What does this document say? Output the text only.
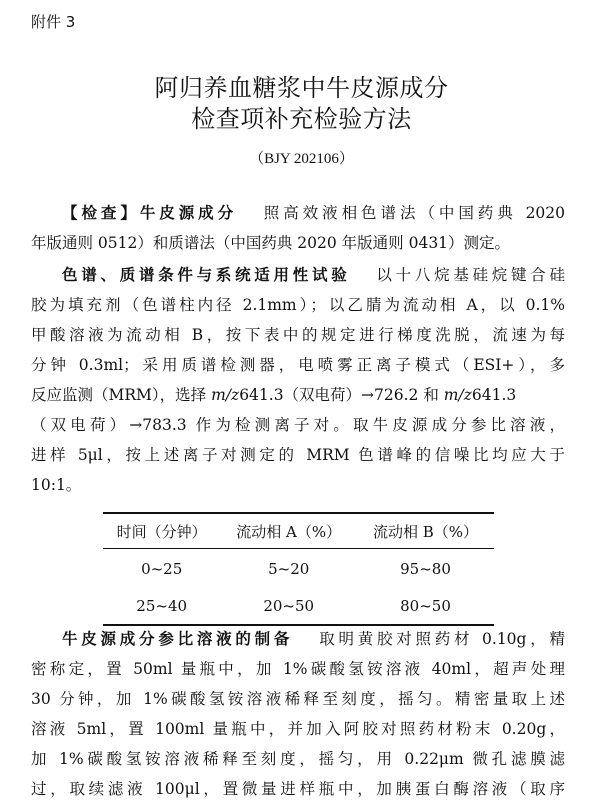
附件 3
阿归养血糖浆中牛皮源成分
检查项补充检验方法
（BJY 202106）
【检查】牛皮源成分 照高效液相色谱法（中国药典 2020
年版通则 0512）和质谱法（中国药典 2020 年版通则 0431）测定。
色谱、质谱条件与系统适用性试验 以十八烷基硅烷键合硅
胶为填充剂（色谱柱内径 2.1mm）；以乙腈为流动相 A，以 0.1%
甲酸溶液为流动相 B，按下表中的规定进行梯度洗脱，流速为每
分钟 0.3ml；采用质谱检测器，电喷雾正离子模式（ESI+），多
反应监测（MRM），选择 m/z641.3（双电荷）→726.2 和 m/z641.3
（双电荷）→783.3 作为检测离子对。取牛皮源成分参比溶液，
进样 5μl，按上述离子对测定的 MRM 色谱峰的信噪比均应大于
10:1。
时间（分钟）	流动相 A（%）	流动相 B（%）
0~25	5~20	95~80
25~40	20~50	80~50
牛皮源成分参比溶液的制备 取明黄胶对照药材 0.10g，精
密称定，置 50ml 量瓶中，加 1%碳酸氢铵溶液 40ml，超声处理
30 分钟，加 1%碳酸氢铵溶液稀释至刻度，摇匀。精密量取上述
溶液 5ml，置 100ml 量瓶中，并加入阿胶对照药材粉末 0.20g，
加 1%碳酸氢铵溶液稀释至刻度，摇匀，用 0.22μm 微孔滤膜滤
过，取续滤液 100μl，置微量进样瓶中，加胰蛋白酶溶液（取序
